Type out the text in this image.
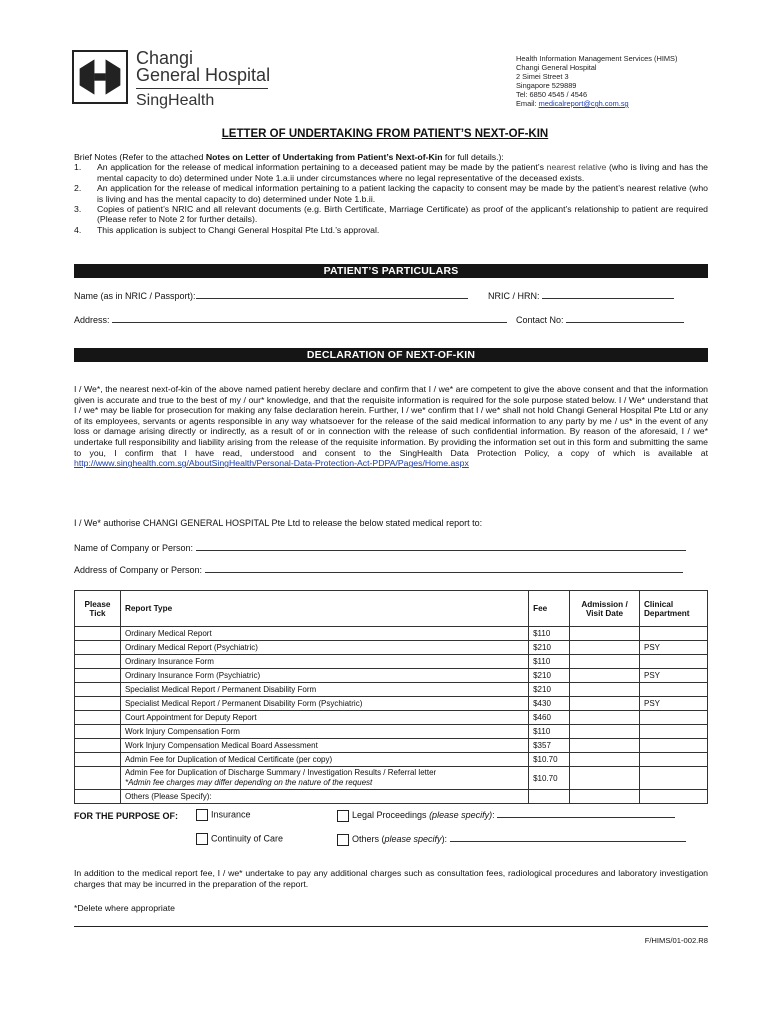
Changi
General Hospital
SingHealth
Health Information Management Services (HIMS)
Changi General Hospital
2 Simei Street 3
Singapore 529889
Tel: 6850 4545 / 4546
Email: medicalreport@cgh.com.sg
LETTER OF UNDERTAKING FROM PATIENT’S NEXT-OF-KIN
Brief Notes (Refer to the attached Notes on Letter of Undertaking from Patient’s Next-of-Kin for full details.):
1. An application for the release of medical information pertaining to a deceased patient may be made by the patient’s nearest relative (who is living and has the mental capacity to do) determined under Note 1.a.ii under circumstances where no legal representative of the deceased exists.
2. An application for the release of medical information pertaining to a patient lacking the capacity to consent may be made by the patient’s nearest relative (who is living and has the mental capacity to do) determined under Note 1.b.ii.
3. Copies of patient’s NRIC and all relevant documents (e.g. Birth Certificate, Marriage Certificate) as proof of the applicant’s relationship to patient are required (Please refer to Note 2 for further details).
4. This application is subject to Changi General Hospital Pte Ltd.’s approval.
PATIENT’S PARTICULARS
Name (as in NRIC / Passport):	NRIC / HRN:
Address:	Contact No:
DECLARATION OF NEXT-OF-KIN
I / We*, the nearest next-of-kin of the above named patient hereby declare and confirm that I / we* are competent to give the above consent and that the information given is accurate and true to the best of my / our* knowledge, and that the requisite information is required for the sole purpose stated below. I / We* understand that I / we* may be liable for prosecution for making any false declaration herein. Further, I / we* confirm that I / we* shall not hold Changi General Hospital Pte Ltd or any of its employees, servants or agents responsible in any way whatsoever for the release of the said medical information to any party by me / us* in the event of any loss or damage arising directly or indirectly, as a result of or in connection with the release of such confidential information. By reason of the aforesaid, I / we* undertake full responsibility and liability arising from the release of the requisite information. By providing the information set out in this form and submitting the same to you, I confirm that I have read, understood and consent to the SingHealth Data Protection Policy, a copy of which is available at http://www.singhealth.com.sg/AboutSingHealth/Personal-Data-Protection-Act-PDPA/Pages/Home.aspx
I / We* authorise CHANGI GENERAL HOSPITAL Pte Ltd to release the below stated medical report to:
Name of Company or Person:
Address of Company or Person:
Please Tick	Report Type	Fee	Admission / Visit Date	Clinical Department
	Ordinary Medical Report	$110		
	Ordinary Medical Report (Psychiatric)	$210		PSY
	Ordinary Insurance Form	$110		
	Ordinary Insurance Form (Psychiatric)	$210		PSY
	Specialist Medical Report / Permanent Disability Form	$210		
	Specialist Medical Report / Permanent Disability Form (Psychiatric)	$430		PSY
	Court Appointment for Deputy Report	$460		
	Work Injury Compensation Form	$110		
	Work Injury Compensation Medical Board Assessment	$357		
	Admin Fee for Duplication of Medical Certificate (per copy)	$10.70		

	Admin Fee for Duplication of Discharge Summary / Investigation Results / Referral letter
*Admin fee charges may differ depending on the nature of the request	$10.70		
	Others (Please Specify):			
FOR THE PURPOSE OF:	Insurance	Legal Proceedings (please specify):
Continuity of Care	Others (please specify):
In addition to the medical report fee, I / we* undertake to pay any additional charges such as consultation fees, radiological procedures and laboratory investigation charges that may be incurred in the preparation of the report.
*Delete where appropriate
F/HIMS/01-002.R8
